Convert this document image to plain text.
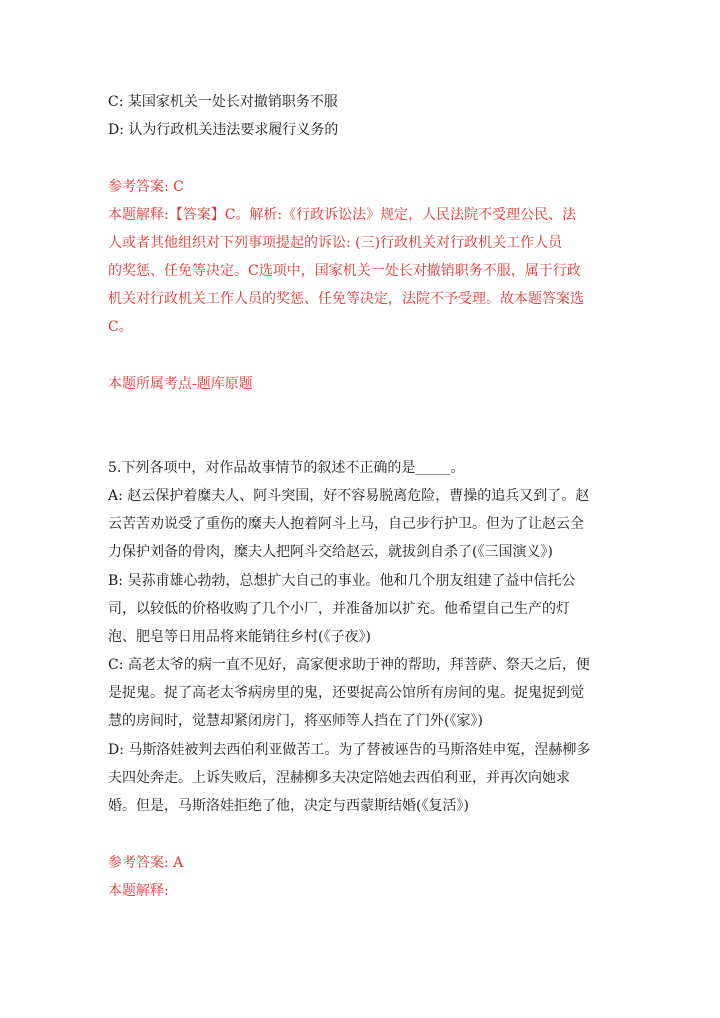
C: 某国家机关一处长对撤销职务不服
D: 认为行政机关违法要求履行义务的
参考答案: C
本题解释:【答案】C。解析:《行政诉讼法》规定，人民法院不受理公民、法
人或者其他组织对下列事项提起的诉讼: (三)行政机关对行政机关工作人员
的奖惩、任免等决定。C选项中，国家机关一处长对撤销职务不服，属于行政
机关对行政机关工作人员的奖惩、任免等决定，法院不予受理。故本题答案选
C。
本题所属考点-题库原题
5.下列各项中，对作品故事情节的叙述不正确的是_____。
A: 赵云保护着糜夫人、阿斗突围，好不容易脱离危险，曹操的追兵又到了。赵
云苦苦劝说受了重伤的糜夫人抱着阿斗上马，自己步行护卫。但为了让赵云全
力保护刘备的骨肉，糜夫人把阿斗交给赵云，就拔剑自杀了(《三国演义》)
B: 吴荪甫雄心勃勃，总想扩大自己的事业。他和几个朋友组建了益中信托公
司，以较低的价格收购了几个小厂，并准备加以扩充。他希望自己生产的灯
泡、肥皂等日用品将来能销往乡村(《子夜》)
C: 高老太爷的病一直不见好，高家便求助于神的帮助，拜菩萨、祭天之后，便
是捉鬼。捉了高老太爷病房里的鬼，还要捉高公馆所有房间的鬼。捉鬼捉到觉
慧的房间时，觉慧却紧闭房门，将巫师等人挡在了门外(《家》)
D: 马斯洛娃被判去西伯利亚做苦工。为了替被诬告的马斯洛娃申冤，涅赫柳多
夫四处奔走。上诉失败后，涅赫柳多夫决定陪她去西伯利亚，并再次向她求
婚。但是，马斯洛娃拒绝了他，决定与西蒙斯结婚(《复活》)
参考答案: A
本题解释:
